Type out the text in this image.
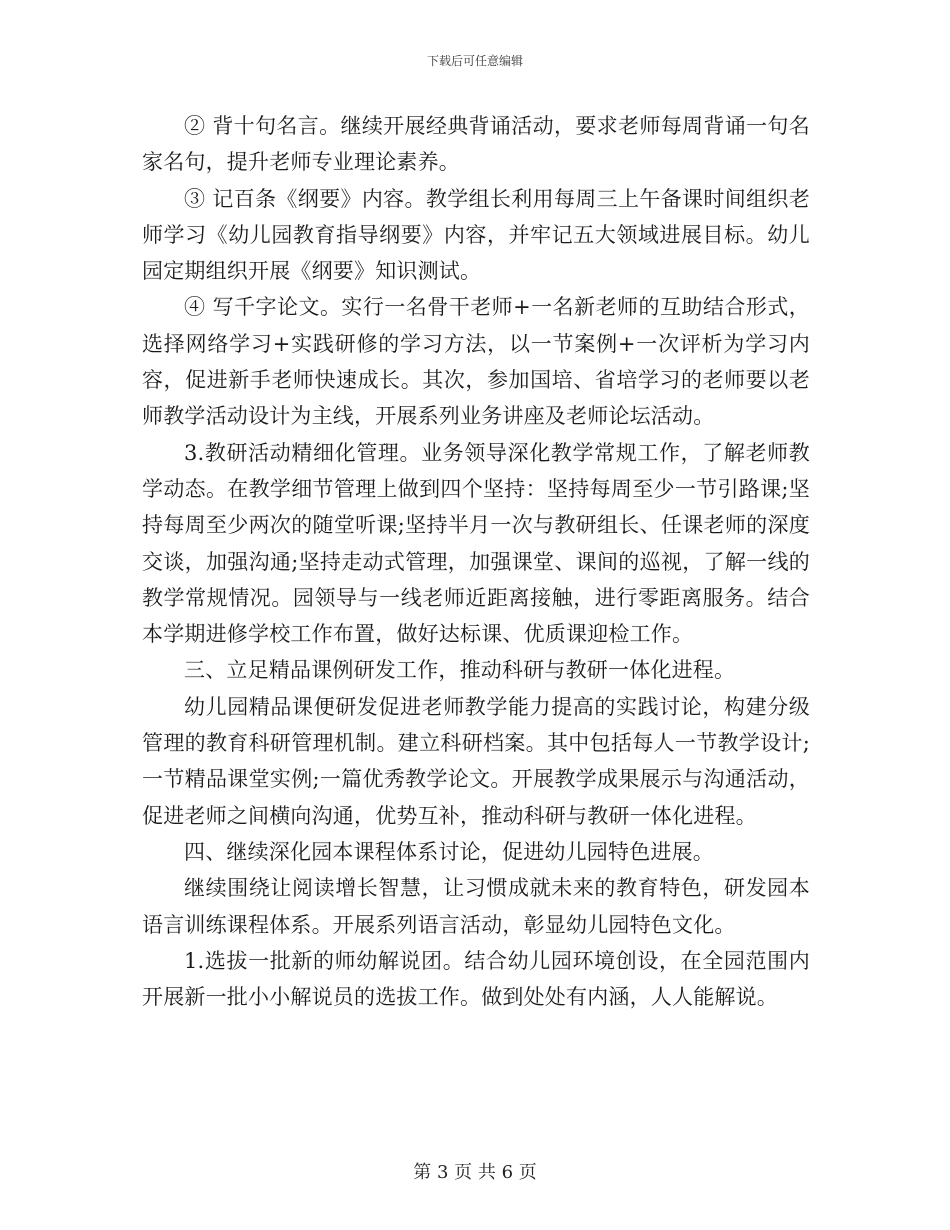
下载后可任意编辑

② 背十句名言。继续开展经典背诵活动，要求老师每周背诵一句名家名句，提升老师专业理论素养。

③ 记百条《纲要》内容。教学组长利用每周三上午备课时间组织老师学习《幼儿园教育指导纲要》内容，并牢记五大领域进展目标。幼儿园定期组织开展《纲要》知识测试。

④ 写千字论文。实行一名骨干老师+一名新老师的互助结合形式，选择网络学习+实践研修的学习方法，以一节案例+一次评析为学习内容，促进新手老师快速成长。其次，参加国培、省培学习的老师要以老师教学活动设计为主线，开展系列业务讲座及老师论坛活动。

3.教研活动精细化管理。业务领导深化教学常规工作，了解老师教学动态。在教学细节管理上做到四个坚持：坚持每周至少一节引路课;坚持每周至少两次的随堂听课;坚持半月一次与教研组长、任课老师的深度交谈，加强沟通;坚持走动式管理，加强课堂、课间的巡视，了解一线的教学常规情况。园领导与一线老师近距离接触，进行零距离服务。结合本学期进修学校工作布置，做好达标课、优质课迎检工作。

三、立足精品课例研发工作，推动科研与教研一体化进程。

幼儿园精品课便研发促进老师教学能力提高的实践讨论，构建分级管理的教育科研管理机制。建立科研档案。其中包括每人一节教学设计;一节精品课堂实例;一篇优秀教学论文。开展教学成果展示与沟通活动，促进老师之间横向沟通，优势互补，推动科研与教研一体化进程。

四、继续深化园本课程体系讨论，促进幼儿园特色进展。

继续围绕让阅读增长智慧，让习惯成就未来的教育特色，研发园本语言训练课程体系。开展系列语言活动，彰显幼儿园特色文化。

1.选拔一批新的师幼解说团。结合幼儿园环境创设，在全园范围内开展新一批小小解说员的选拔工作。做到处处有内涵，人人能解说。

第 3 页 共 6 页
